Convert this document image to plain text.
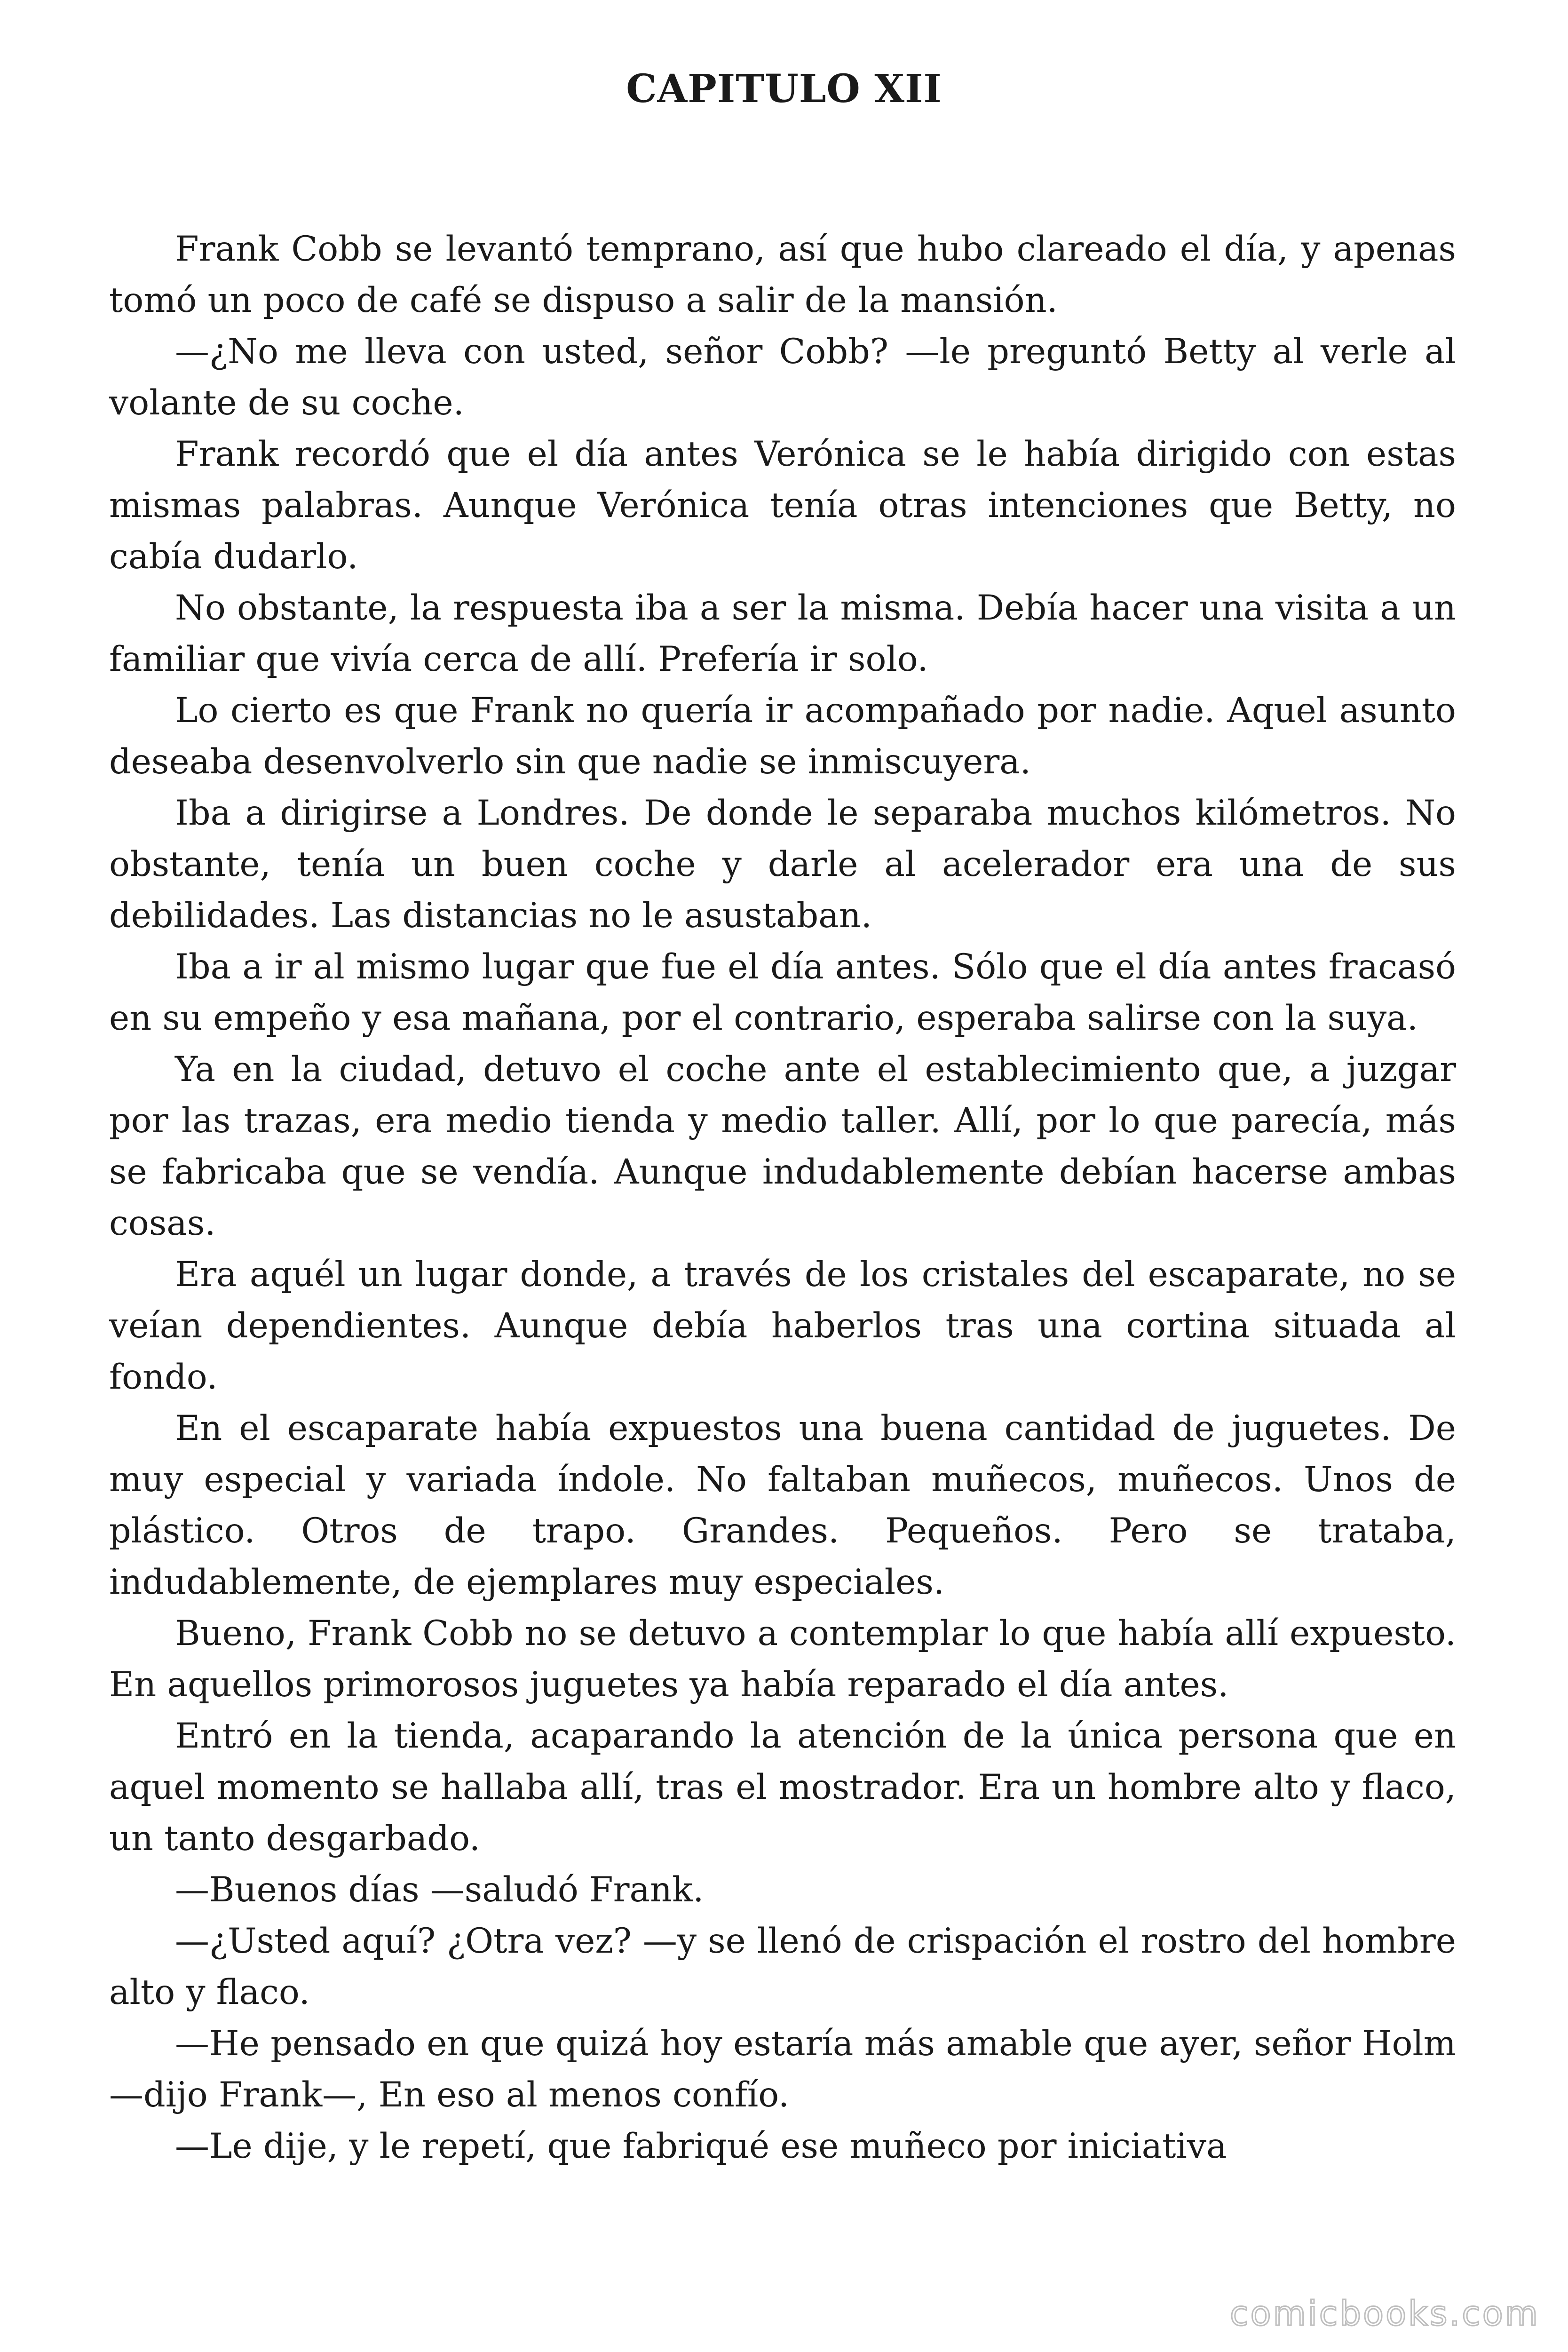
CAPITULO XII

Frank Cobb se levantó temprano, así que hubo clareado el día, y apenas tomó un poco de café se dispuso a salir de la mansión.

—¿No me lleva con usted, señor Cobb? —le preguntó Betty al verle al volante de su coche.

Frank recordó que el día antes Verónica se le había dirigido con estas mismas palabras. Aunque Verónica tenía otras intenciones que Betty, no cabía dudarlo.

No obstante, la respuesta iba a ser la misma. Debía hacer una visita a un familiar que vivía cerca de allí. Prefería ir solo.

Lo cierto es que Frank no quería ir acompañado por nadie. Aquel asunto deseaba desenvolverlo sin que nadie se inmiscuyera.

Iba a dirigirse a Londres. De donde le separaba muchos kilómetros. No obstante, tenía un buen coche y darle al acelerador era una de sus debilidades. Las distancias no le asustaban.

Iba a ir al mismo lugar que fue el día antes. Sólo que el día antes fracasó en su empeño y esa mañana, por el contrario, esperaba salirse con la suya.

Ya en la ciudad, detuvo el coche ante el establecimiento que, a juzgar por las trazas, era medio tienda y medio taller. Allí, por lo que parecía, más se fabricaba que se vendía. Aunque indudablemente debían hacerse ambas cosas.

Era aquél un lugar donde, a través de los cristales del escaparate, no se veían dependientes. Aunque debía haberlos tras una cortina situada al fondo.

En el escaparate había expuestos una buena cantidad de juguetes. De muy especial y variada índole. No faltaban muñecos, muñecos. Unos de plástico. Otros de trapo. Grandes. Pequeños. Pero se trataba, indudablemente, de ejemplares muy especiales.

Bueno, Frank Cobb no se detuvo a contemplar lo que había allí expuesto. En aquellos primorosos juguetes ya había reparado el día antes.

Entró en la tienda, acaparando la atención de la única persona que en aquel momento se hallaba allí, tras el mostrador. Era un hombre alto y flaco, un tanto desgarbado.

—Buenos días —saludó Frank.

—¿Usted aquí? ¿Otra vez? —y se llenó de crispación el rostro del hombre alto y flaco.

—He pensado en que quizá hoy estaría más amable que ayer, señor Holm —dijo Frank—, En eso al menos confío.

—Le dije, y le repetí, que fabriqué ese muñeco por iniciativa

comicbooks.com
